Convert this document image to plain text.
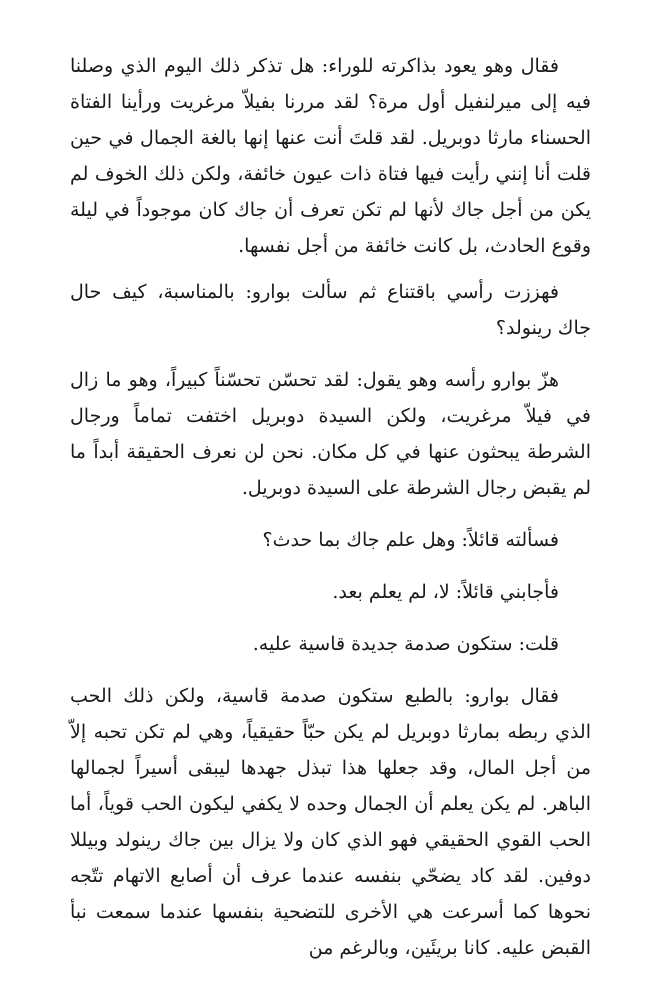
فقال وهو يعود بذاكرته للوراء: هل تذكر ذلك اليوم الذي وصلنا فيه إلى ميرلنفيل أول مرة؟ لقد مررنا بفيلاّ مرغريت ورأينا الفتاة الحسناء مارثا دوبريل. لقد قلتَ أنت عنها إنها بالغة الجمال في حين قلت أنا إنني رأيت فيها فتاة ذات عيون خائفة، ولكن ذلك الخوف لم يكن من أجل جاك لأنها لم تكن تعرف أن جاك كان موجوداً في ليلة وقوع الحادث، بل كانت خائفة من أجل نفسها.

فهززت رأسي باقتناع ثم سألت بوارو: بالمناسبة، كيف حال جاك رينولد؟

هزّ بوارو رأسه وهو يقول: لقد تحسّن تحسّناً كبيراً، وهو ما زال في فيلاّ مرغريت، ولكن السيدة دوبريل اختفت تماماً ورجال الشرطة يبحثون عنها في كل مكان. نحن لن نعرف الحقيقة أبداً ما لم يقبض رجال الشرطة على السيدة دوبريل.

فسألته قائلاً: وهل علم جاك بما حدث؟

فأجابني قائلاً: لا، لم يعلم بعد.

قلت: ستكون صدمة جديدة قاسية عليه.

فقال بوارو: بالطبع ستكون صدمة قاسية، ولكن ذلك الحب الذي ربطه بمارثا دوبريل لم يكن حبّاً حقيقياً، وهي لم تكن تحبه إلاّ من أجل المال، وقد جعلها هذا تبذل جهدها ليبقى أسيراً لجمالها الباهر. لم يكن يعلم أن الجمال وحده لا يكفي ليكون الحب قوياً، أما الحب القوي الحقيقي فهو الذي كان ولا يزال بين جاك رينولد وبيللا دوفين. لقد كاد يضحّي بنفسه عندما عرف أن أصابع الاتهام تتّجه نحوها كما أسرعت هي الأخرى للتضحية بنفسها عندما سمعت نبأ القبض عليه. كانا بريئَين، وبالرغم من
